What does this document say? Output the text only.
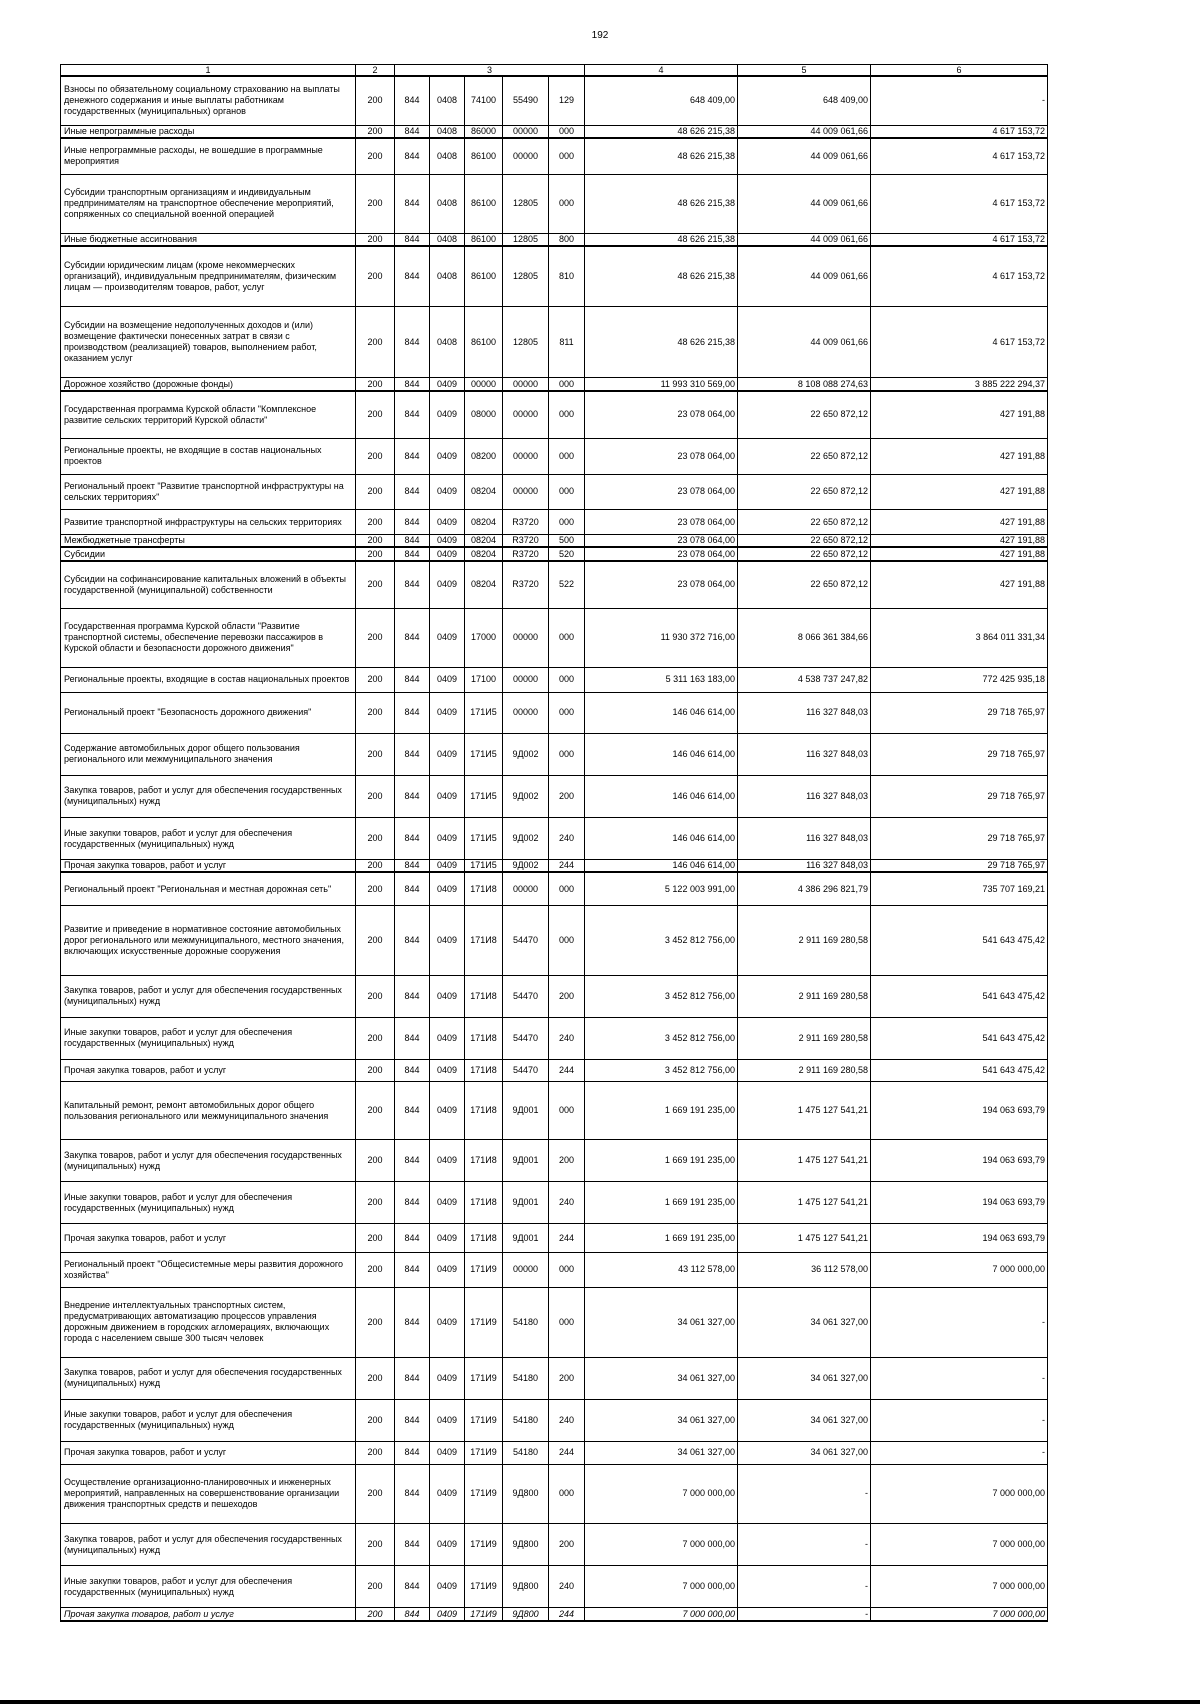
192
1	2	3					4	5	6
Взносы по обязательному социальному страхованию на выплаты денежного содержания и иные выплаты работникам государственных (муниципальных) органов	200	844	0408	74100	55490	129	648 409,00	648 409,00	-
Иные непрограммные расходы	200	844	0408	86000	00000	000	48 626 215,38	44 009 061,66	4 617 153,72
Иные непрограммные расходы, не вошедшие в программные мероприятия	200	844	0408	86100	00000	000	48 626 215,38	44 009 061,66	4 617 153,72
Субсидии транспортным организациям и индивидуальным предпринимателям на транспортное обеспечение мероприятий, сопряженных со специальной военной операцией	200	844	0408	86100	12805	000	48 626 215,38	44 009 061,66	4 617 153,72
Иные бюджетные ассигнования	200	844	0408	86100	12805	800	48 626 215,38	44 009 061,66	4 617 153,72
Субсидии юридическим лицам (кроме некоммерческих организаций), индивидуальным предпринимателям, физическим лицам — производителям товаров, работ, услуг	200	844	0408	86100	12805	810	48 626 215,38	44 009 061,66	4 617 153,72
Субсидии на возмещение недополученных доходов и (или) возмещение фактически понесенных затрат в связи с производством (реализацией) товаров, выполнением работ, оказанием услуг	200	844	0408	86100	12805	811	48 626 215,38	44 009 061,66	4 617 153,72
Дорожное хозяйство (дорожные фонды)	200	844	0409	00000	00000	000	11 993 310 569,00	8 108 088 274,63	3 885 222 294,37
Государственная программа Курской области "Комплексное развитие сельских территорий Курской области"	200	844	0409	08000	00000	000	23 078 064,00	22 650 872,12	427 191,88
Региональные проекты, не входящие в состав национальных проектов	200	844	0409	08200	00000	000	23 078 064,00	22 650 872,12	427 191,88
Региональный проект "Развитие транспортной инфраструктуры на сельских территориях"	200	844	0409	08204	00000	000	23 078 064,00	22 650 872,12	427 191,88
Развитие транспортной инфраструктуры на сельских территориях	200	844	0409	08204	R3720	000	23 078 064,00	22 650 872,12	427 191,88
Межбюджетные трансферты	200	844	0409	08204	R3720	500	23 078 064,00	22 650 872,12	427 191,88
Субсидии	200	844	0409	08204	R3720	520	23 078 064,00	22 650 872,12	427 191,88
Субсидии на софинансирование капитальных вложений в объекты государственной (муниципальной) собственности	200	844	0409	08204	R3720	522	23 078 064,00	22 650 872,12	427 191,88
Государственная программа Курской области "Развитие транспортной системы, обеспечение перевозки пассажиров в Курской области и безопасности дорожного движения"	200	844	0409	17000	00000	000	11 930 372 716,00	8 066 361 384,66	3 864 011 331,34
Региональные проекты, входящие в состав национальных проектов	200	844	0409	17100	00000	000	5 311 163 183,00	4 538 737 247,82	772 425 935,18
Региональный проект "Безопасность дорожного движения"	200	844	0409	171И5	00000	000	146 046 614,00	116 327 848,03	29 718 765,97
Содержание автомобильных дорог общего пользования регионального или межмуниципального значения	200	844	0409	171И5	9Д002	000	146 046 614,00	116 327 848,03	29 718 765,97
Закупка товаров, работ и услуг для обеспечения государственных (муниципальных) нужд	200	844	0409	171И5	9Д002	200	146 046 614,00	116 327 848,03	29 718 765,97
Иные закупки товаров, работ и услуг для обеспечения государственных (муниципальных) нужд	200	844	0409	171И5	9Д002	240	146 046 614,00	116 327 848,03	29 718 765,97
Прочая закупка товаров, работ и услуг	200	844	0409	171И5	9Д002	244	146 046 614,00	116 327 848,03	29 718 765,97
Региональный проект "Региональная и местная дорожная сеть"	200	844	0409	171И8	00000	000	5 122 003 991,00	4 386 296 821,79	735 707 169,21
Развитие и приведение в нормативное состояние автомобильных дорог регионального или межмуниципального, местного значения, включающих искусственные дорожные сооружения	200	844	0409	171И8	54470	000	3 452 812 756,00	2 911 169 280,58	541 643 475,42
Закупка товаров, работ и услуг для обеспечения государственных (муниципальных) нужд	200	844	0409	171И8	54470	200	3 452 812 756,00	2 911 169 280,58	541 643 475,42
Иные закупки товаров, работ и услуг для обеспечения государственных (муниципальных) нужд	200	844	0409	171И8	54470	240	3 452 812 756,00	2 911 169 280,58	541 643 475,42
Прочая закупка товаров, работ и услуг	200	844	0409	171И8	54470	244	3 452 812 756,00	2 911 169 280,58	541 643 475,42
Капитальный ремонт, ремонт автомобильных дорог общего пользования регионального или межмуниципального значения	200	844	0409	171И8	9Д001	000	1 669 191 235,00	1 475 127 541,21	194 063 693,79
Закупка товаров, работ и услуг для обеспечения государственных (муниципальных) нужд	200	844	0409	171И8	9Д001	200	1 669 191 235,00	1 475 127 541,21	194 063 693,79
Иные закупки товаров, работ и услуг для обеспечения государственных (муниципальных) нужд	200	844	0409	171И8	9Д001	240	1 669 191 235,00	1 475 127 541,21	194 063 693,79
Прочая закупка товаров, работ и услуг	200	844	0409	171И8	9Д001	244	1 669 191 235,00	1 475 127 541,21	194 063 693,79
Региональный проект "Общесистемные меры развития дорожного хозяйства"	200	844	0409	171И9	00000	000	43 112 578,00	36 112 578,00	7 000 000,00
Внедрение интеллектуальных транспортных систем, предусматривающих автоматизацию процессов управления дорожным движением в городских агломерациях, включающих города с населением свыше 300 тысяч человек	200	844	0409	171И9	54180	000	34 061 327,00	34 061 327,00	-
Закупка товаров, работ и услуг для обеспечения государственных (муниципальных) нужд	200	844	0409	171И9	54180	200	34 061 327,00	34 061 327,00	-
Иные закупки товаров, работ и услуг для обеспечения государственных (муниципальных) нужд	200	844	0409	171И9	54180	240	34 061 327,00	34 061 327,00	-
Прочая закупка товаров, работ и услуг	200	844	0409	171И9	54180	244	34 061 327,00	34 061 327,00	-
Осуществление организационно-планировочных и инженерных мероприятий, направленных на совершенствование организации движения транспортных средств и пешеходов	200	844	0409	171И9	9Д800	000	7 000 000,00	-	7 000 000,00
Закупка товаров, работ и услуг для обеспечения государственных (муниципальных) нужд	200	844	0409	171И9	9Д800	200	7 000 000,00	-	7 000 000,00
Иные закупки товаров, работ и услуг для обеспечения государственных (муниципальных) нужд	200	844	0409	171И9	9Д800	240	7 000 000,00	-	7 000 000,00
Прочая закупка товаров, работ и услуг	200	844	0409	171И9	9Д800	244	7 000 000,00	-	7 000 000,00
